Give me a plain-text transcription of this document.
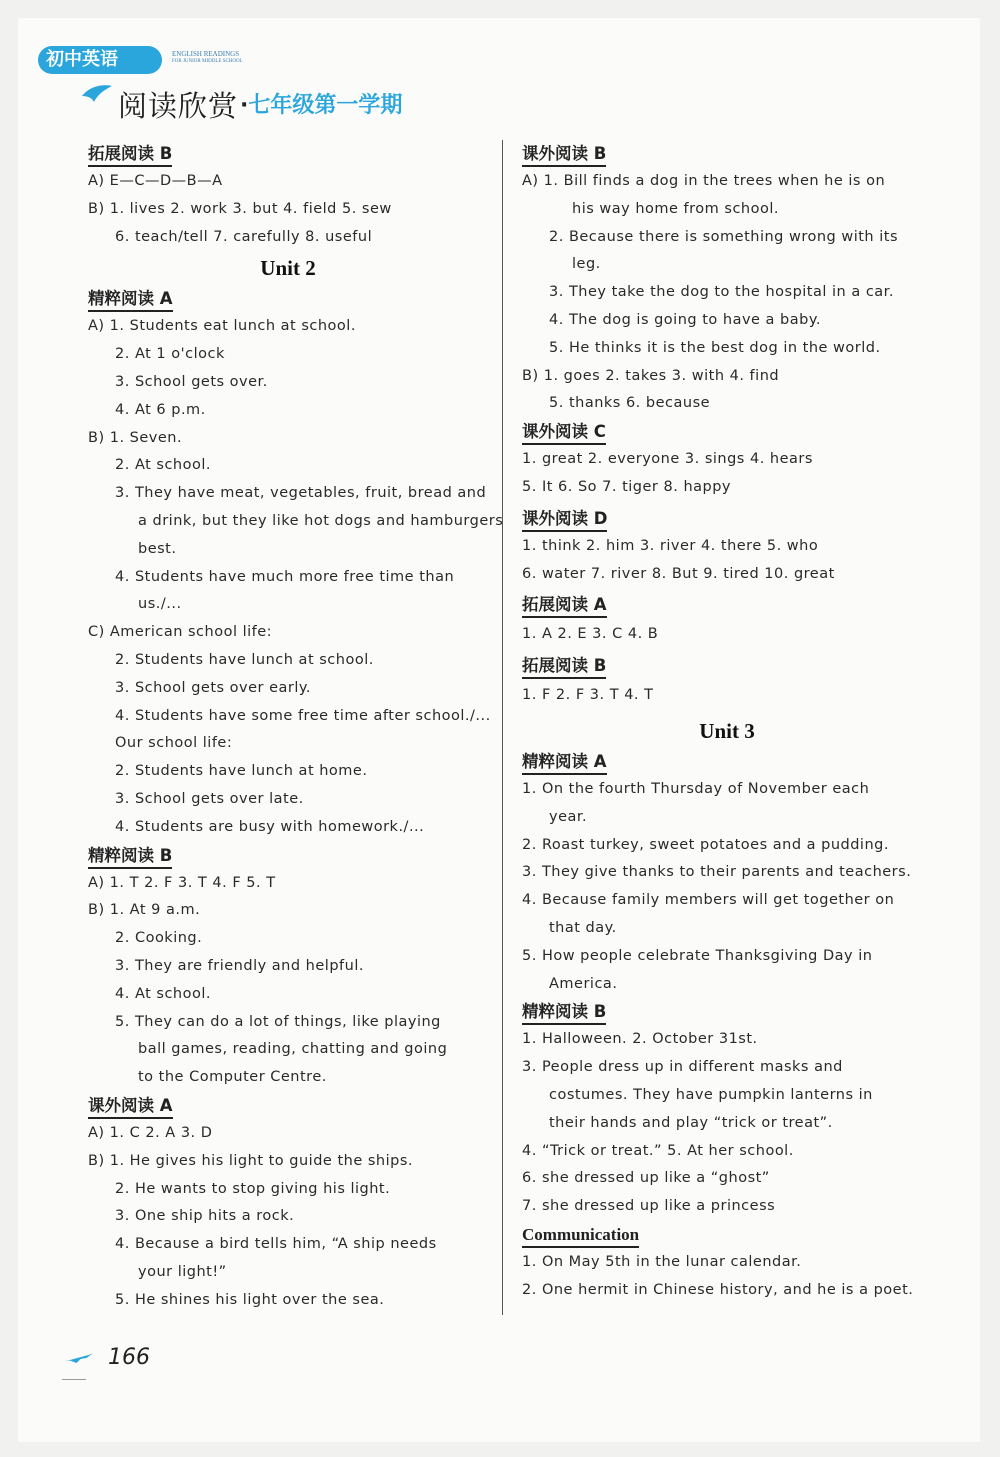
初中英语	ENGLISH READINGS
FOR JUNIOR MIDDLE SCHOOL
阅读欣赏 ·七年级第一学期
拓展阅读 B
A) E—C—D—B—A
B) 1. lives 2. work 3. but 4. field 5. sew
6. teach/tell 7. carefully 8. useful
Unit 2
精粹阅读 A
A) 1. Students eat lunch at school.
2. At 1 o'clock
3. School gets over.
4. At 6 p.m.
B) 1. Seven.
2. At school.
3. They have meat, vegetables, fruit, bread and
a drink, but they like hot dogs and hamburgers
best.
4. Students have much more free time than
us./...
C) American school life:
2. Students have lunch at school.
3. School gets over early.
4. Students have some free time after school./...
Our school life:
2. Students have lunch at home.
3. School gets over late.
4. Students are busy with homework./...
精粹阅读 B
A) 1. T 2. F 3. T 4. F 5. T
B) 1. At 9 a.m.
2. Cooking.
3. They are friendly and helpful.
4. At school.
5. They can do a lot of things, like playing
ball games, reading, chatting and going
to the Computer Centre.
课外阅读 A
A) 1. C 2. A 3. D
B) 1. He gives his light to guide the ships.
2. He wants to stop giving his light.
3. One ship hits a rock.
4. Because a bird tells him, “A ship needs
your light!”
5. He shines his light over the sea.
课外阅读 B
A) 1. Bill finds a dog in the trees when he is on
his way home from school.
2. Because there is something wrong with its
leg.
3. They take the dog to the hospital in a car.
4. The dog is going to have a baby.
5. He thinks it is the best dog in the world.
B) 1. goes 2. takes 3. with 4. find
5. thanks 6. because
课外阅读 C
1. great 2. everyone 3. sings 4. hears
5. It 6. So 7. tiger 8. happy
课外阅读 D
1. think 2. him 3. river 4. there 5. who
6. water 7. river 8. But 9. tired 10. great
拓展阅读 A
1. A 2. E 3. C 4. B
拓展阅读 B
1. F 2. F 3. T 4. T
Unit 3
精粹阅读 A
1. On the fourth Thursday of November each
year.
2. Roast turkey, sweet potatoes and a pudding.
3. They give thanks to their parents and teachers.
4. Because family members will get together on
that day.
5. How people celebrate Thanksgiving Day in
America.
精粹阅读 B
1. Halloween. 2. October 31st.
3. People dress up in different masks and
costumes. They have pumpkin lanterns in
their hands and play “trick or treat”.
4. “Trick or treat.” 5. At her school.
6. she dressed up like a “ghost”
7. she dressed up like a princess
Communication
1. On May 5th in the lunar calendar.
2. One hermit in Chinese history, and he is a poet.
166
